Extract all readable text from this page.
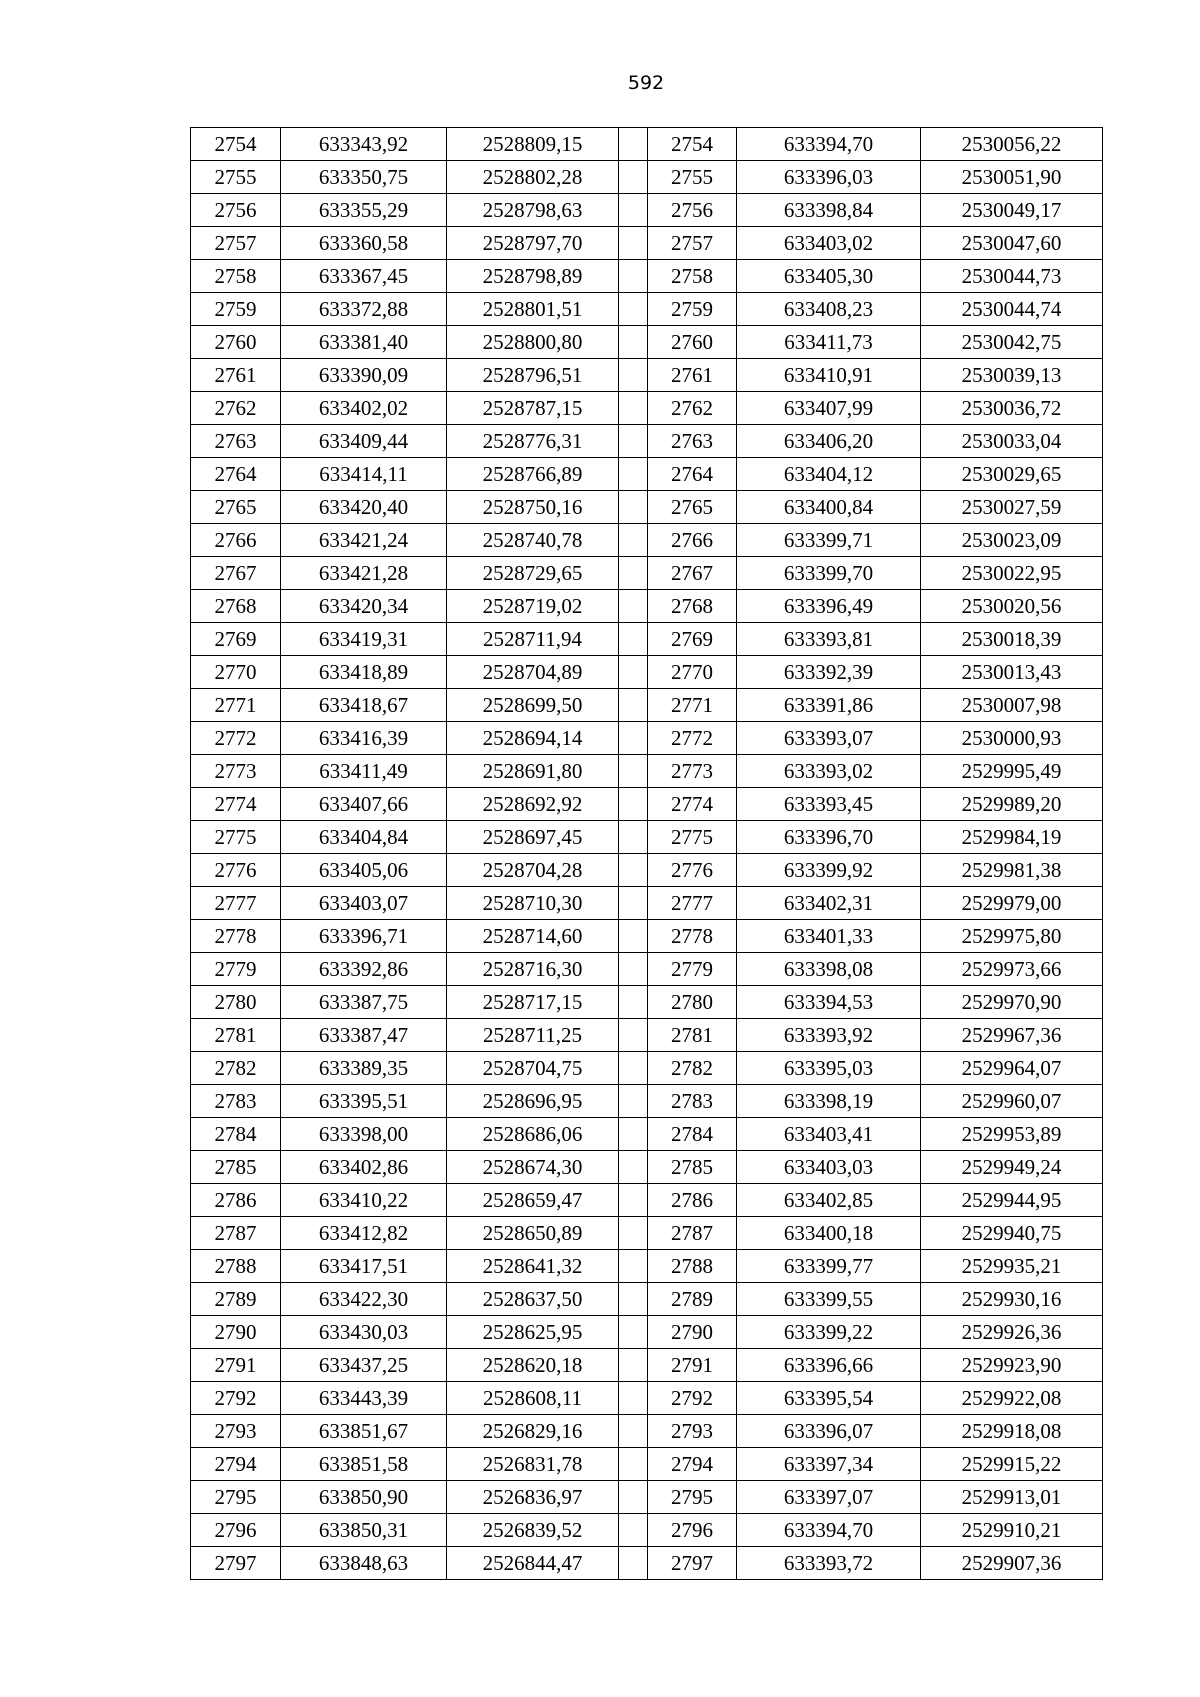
592
2754	633343,92	2528809,15		2754	633394,70	2530056,22
2755	633350,75	2528802,28		2755	633396,03	2530051,90
2756	633355,29	2528798,63		2756	633398,84	2530049,17
2757	633360,58	2528797,70		2757	633403,02	2530047,60
2758	633367,45	2528798,89		2758	633405,30	2530044,73
2759	633372,88	2528801,51		2759	633408,23	2530044,74
2760	633381,40	2528800,80		2760	633411,73	2530042,75
2761	633390,09	2528796,51		2761	633410,91	2530039,13
2762	633402,02	2528787,15		2762	633407,99	2530036,72
2763	633409,44	2528776,31		2763	633406,20	2530033,04
2764	633414,11	2528766,89		2764	633404,12	2530029,65
2765	633420,40	2528750,16		2765	633400,84	2530027,59
2766	633421,24	2528740,78		2766	633399,71	2530023,09
2767	633421,28	2528729,65		2767	633399,70	2530022,95
2768	633420,34	2528719,02		2768	633396,49	2530020,56
2769	633419,31	2528711,94		2769	633393,81	2530018,39
2770	633418,89	2528704,89		2770	633392,39	2530013,43
2771	633418,67	2528699,50		2771	633391,86	2530007,98
2772	633416,39	2528694,14		2772	633393,07	2530000,93
2773	633411,49	2528691,80		2773	633393,02	2529995,49
2774	633407,66	2528692,92		2774	633393,45	2529989,20
2775	633404,84	2528697,45		2775	633396,70	2529984,19
2776	633405,06	2528704,28		2776	633399,92	2529981,38
2777	633403,07	2528710,30		2777	633402,31	2529979,00
2778	633396,71	2528714,60		2778	633401,33	2529975,80
2779	633392,86	2528716,30		2779	633398,08	2529973,66
2780	633387,75	2528717,15		2780	633394,53	2529970,90
2781	633387,47	2528711,25		2781	633393,92	2529967,36
2782	633389,35	2528704,75		2782	633395,03	2529964,07
2783	633395,51	2528696,95		2783	633398,19	2529960,07
2784	633398,00	2528686,06		2784	633403,41	2529953,89
2785	633402,86	2528674,30		2785	633403,03	2529949,24
2786	633410,22	2528659,47		2786	633402,85	2529944,95
2787	633412,82	2528650,89		2787	633400,18	2529940,75
2788	633417,51	2528641,32		2788	633399,77	2529935,21
2789	633422,30	2528637,50		2789	633399,55	2529930,16
2790	633430,03	2528625,95		2790	633399,22	2529926,36
2791	633437,25	2528620,18		2791	633396,66	2529923,90
2792	633443,39	2528608,11		2792	633395,54	2529922,08
2793	633851,67	2526829,16		2793	633396,07	2529918,08
2794	633851,58	2526831,78		2794	633397,34	2529915,22
2795	633850,90	2526836,97		2795	633397,07	2529913,01
2796	633850,31	2526839,52		2796	633394,70	2529910,21
2797	633848,63	2526844,47		2797	633393,72	2529907,36
